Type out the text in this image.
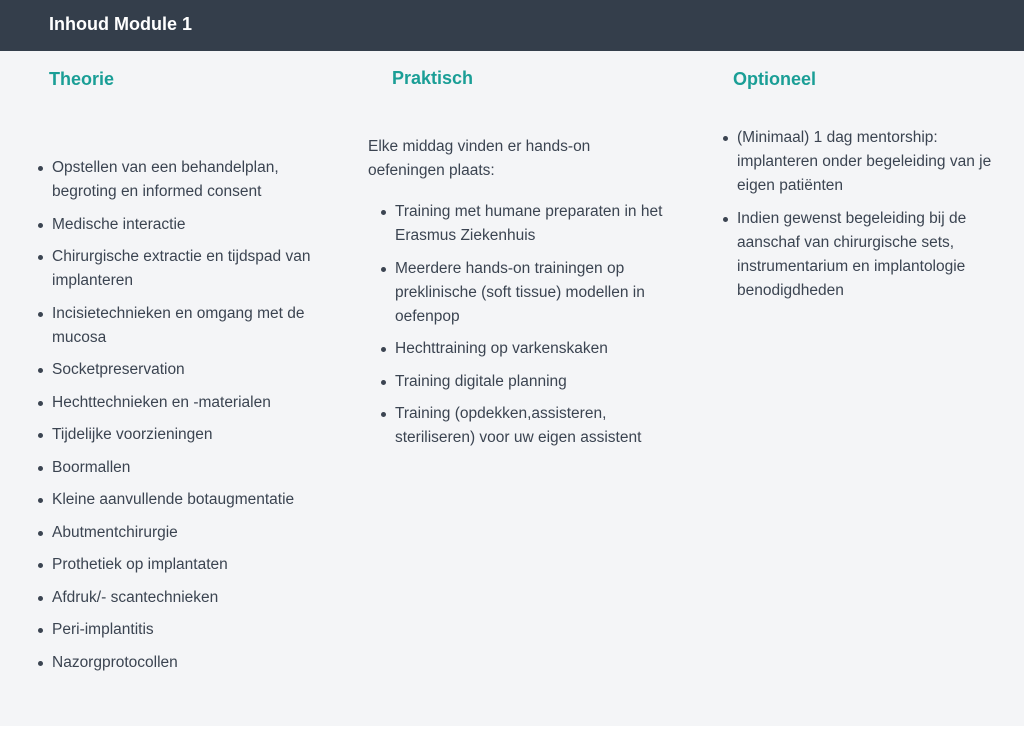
Inhoud Module 1
Theorie
Opstellen van een behandelplan, begroting en informed consent
Medische interactie
Chirurgische extractie en tijdspad van implanteren
Incisietechnieken en omgang met de mucosa
Socketpreservation
Hechttechnieken en -materialen
Tijdelijke voorzieningen
Boormallen
Kleine aanvullende botaugmentatie
Abutmentchirurgie
Prothetiek op implantaten
Afdruk/- scantechnieken
Peri-implantitis
Nazorgprotocollen
Praktisch

Elke middag vinden er hands-on oefeningen plaats:

Training met humane preparaten in het Erasmus Ziekenhuis
Meerdere hands-on trainingen op preklinische (soft tissue) modellen in oefenpop
Hechttraining op varkenskaken
Training digitale planning
Training (opdekken,assisteren, steriliseren) voor uw eigen assistent
Optioneel
(Minimaal) 1 dag mentorship: implanteren onder begeleiding van je eigen patiënten
Indien gewenst begeleiding bij de aanschaf van chirurgische sets, instrumentarium en implantologie benodigdheden
